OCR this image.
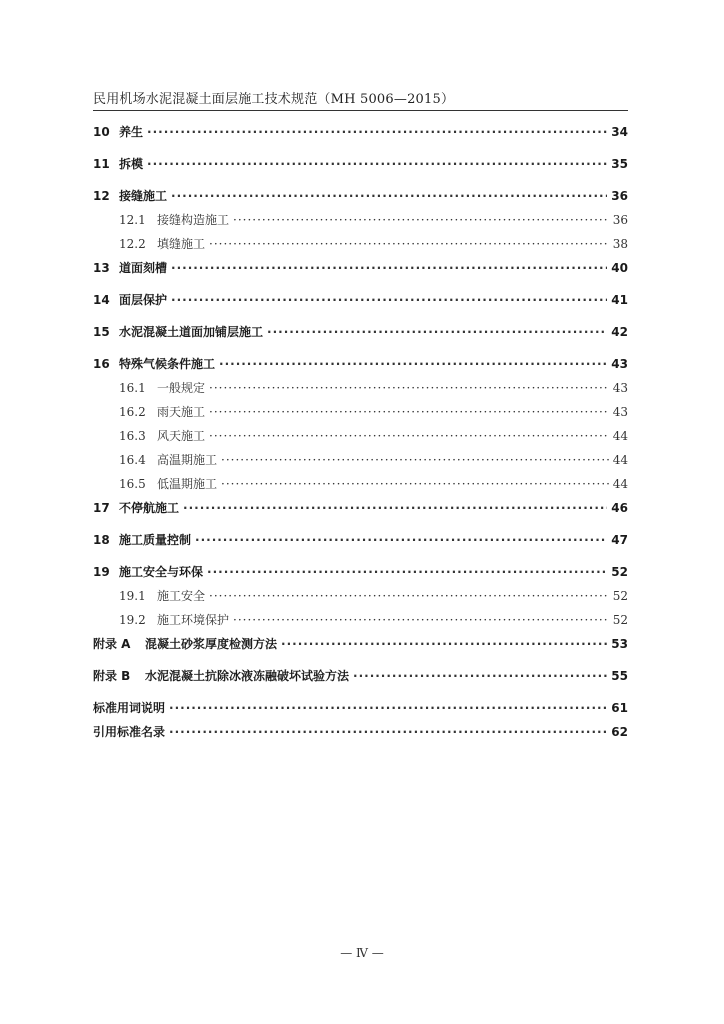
民用机场水泥混凝土面层施工技术规范（MH 5006—2015）
10 养生 ·····	34
11 拆模 ·····	35
12 接缝施工 ·····	36
12.1 接缝构造施工 ·····	36
12.2 填缝施工 ·····	38
13 道面刻槽 ·····	40
14 面层保护 ·····	41
15 水泥混凝土道面加铺层施工 ·····	42
16 特殊气候条件施工 ·····	43
16.1 一般规定 ·····	43
16.2 雨天施工 ·····	43
16.3 风天施工 ·····	44
16.4 高温期施工 ·····	44
16.5 低温期施工 ·····	44
17 不停航施工 ·····	46
18 施工质量控制 ·····	47
19 施工安全与环保 ·····	52
19.1 施工安全 ·····	52
19.2 施工环境保护 ·····	52
附录 A	混凝土砂浆厚度检测方法 ·····	53
附录 B	水泥混凝土抗除冰液冻融破坏试验方法 ·····	55
标准用词说明 ·····	61
引用标准名录 ·····	62
— Ⅳ —
